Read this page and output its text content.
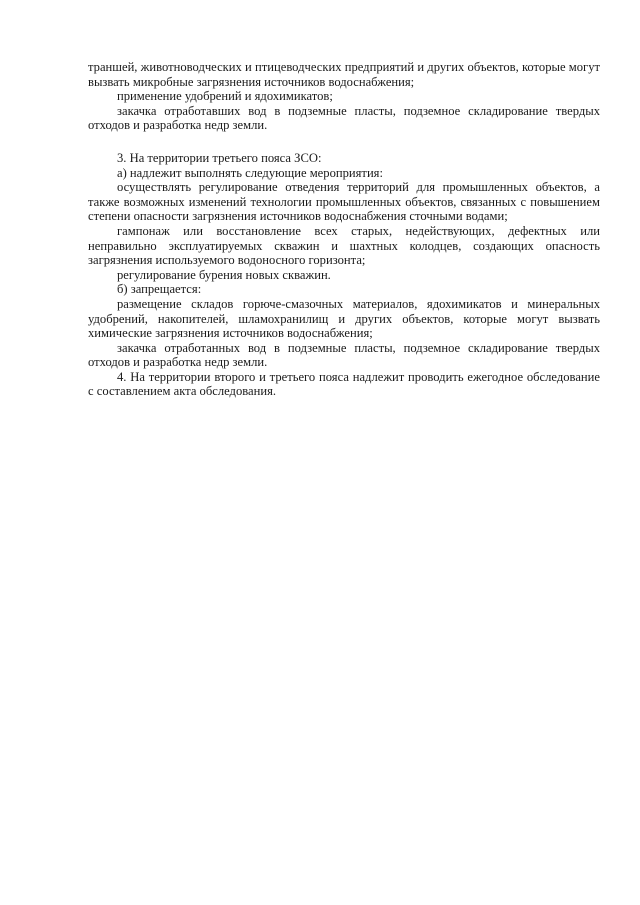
траншей, животноводческих и птицеводческих предприятий и других объектов, которые могут вызвать микробные загрязнения источников водоснабжения;

применение удобрений и ядохимикатов;

закачка отработавших вод в подземные пласты, подземное складирование твердых отходов и разработка недр земли.

3. На территории третьего пояса ЗСО:

а) надлежит выполнять следующие мероприятия:

осуществлять регулирование отведения территорий для промышленных объектов, а также возможных изменений технологии промышленных объектов, связанных с повышением степени опасности загрязнения источников водоснабжения сточными водами;

гампонаж или восстановление всех старых, недействующих, дефектных или неправильно эксплуатируемых скважин и шахтных колодцев, создающих опасность загрязнения используемого водоносного горизонта;

регулирование бурения новых скважин.

б) запрещается:

размещение складов горюче-смазочных материалов, ядохимикатов и минеральных удобрений, накопителей, шламохранилищ и других объектов, которые могут вызвать химические загрязнения источников водоснабжения;

закачка отработанных вод в подземные пласты, подземное складирование твердых отходов и разработка недр земли.

4. На территории второго и третьего пояса надлежит проводить ежегодное обследование с составлением акта обследования.
